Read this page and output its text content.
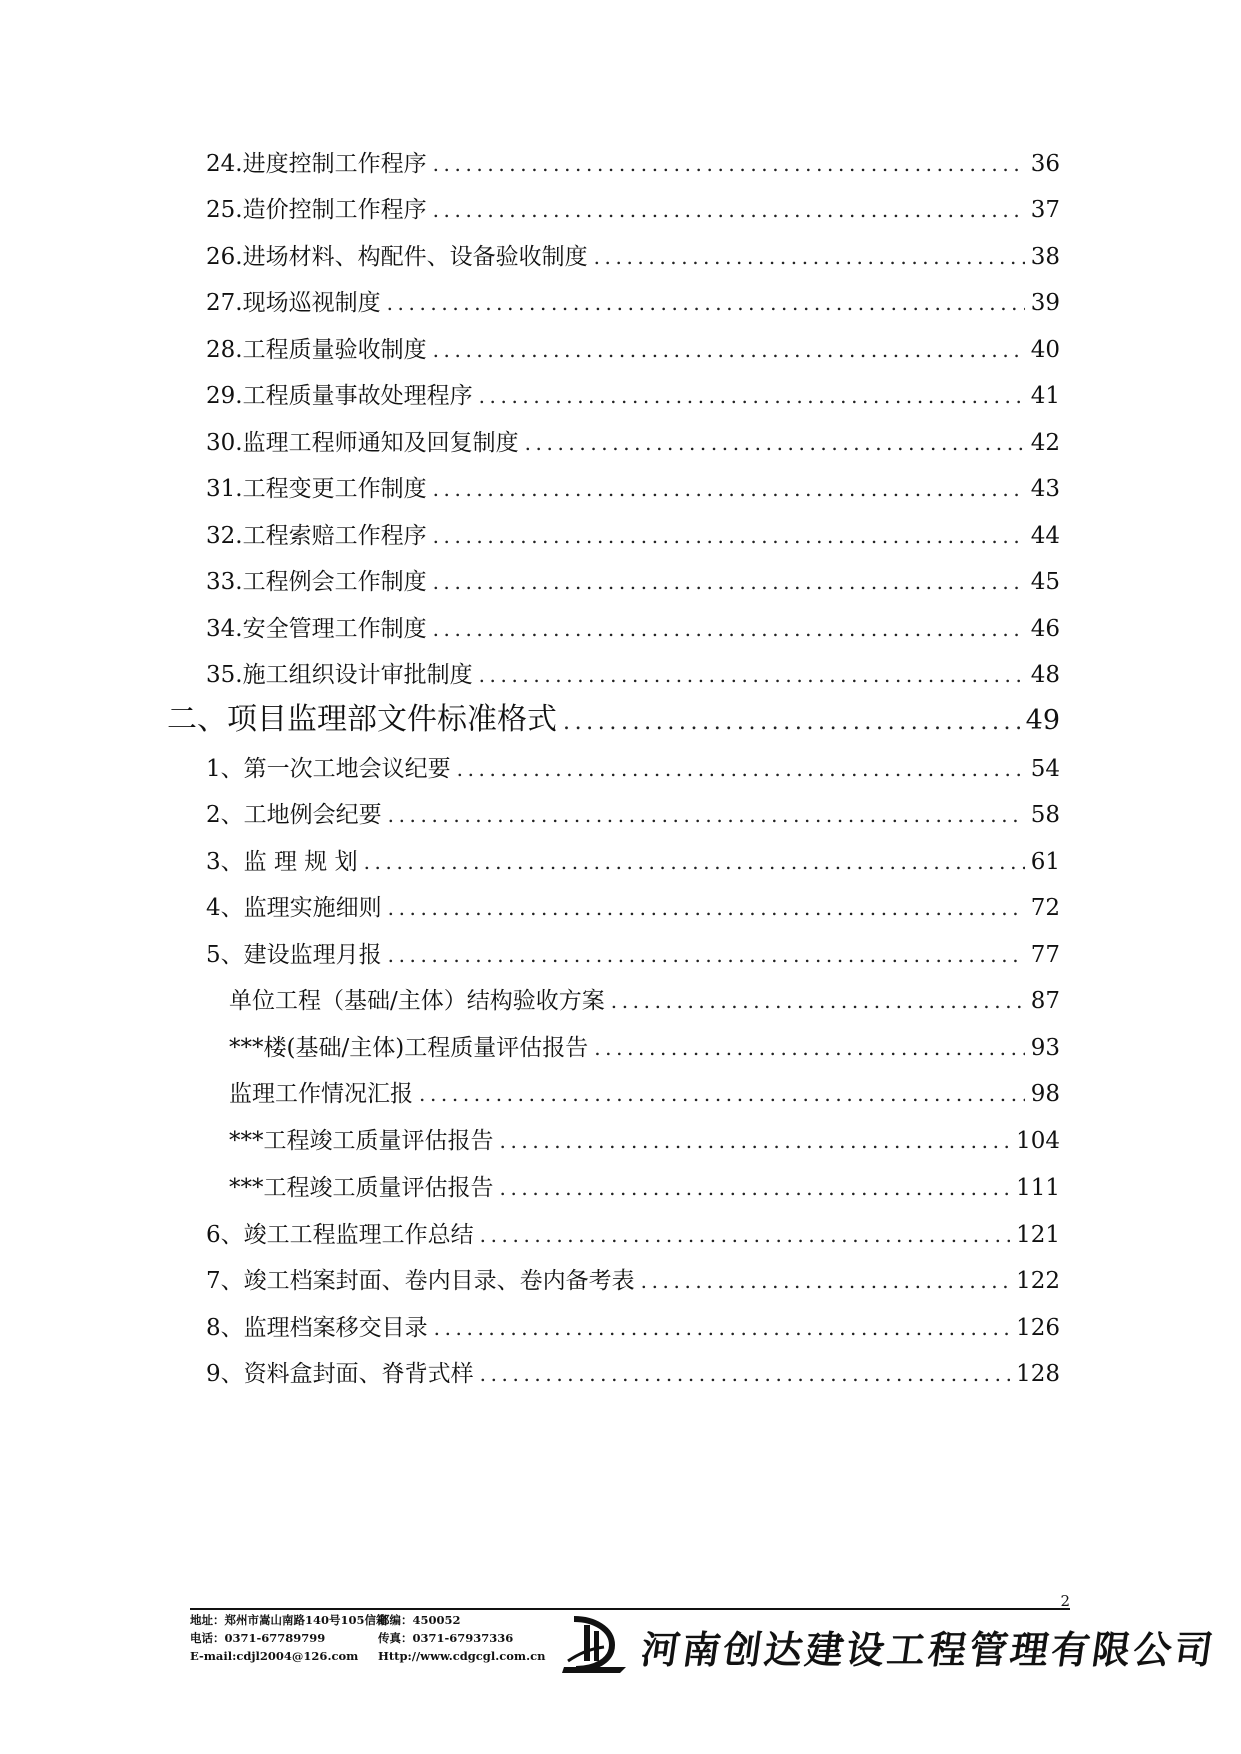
24.进度控制工作程序 .....	36
25.造价控制工作程序 .....	37
26.进场材料、构配件、设备验收制度 .....	38
27.现场巡视制度 .....	39
28.工程质量验收制度 .....	40
29.工程质量事故处理程序 .....	41
30.监理工程师通知及回复制度 .....	42
31.工程变更工作制度 .....	43
32.工程索赔工作程序 .....	44
33.工程例会工作制度 .....	45
34.安全管理工作制度 .....	46
35.施工组织设计审批制度 .....	48
二、项目监理部文件标准格式 .....	49
1、第一次工地会议纪要 .....	54
2、工地例会纪要 .....	58
3、监 理 规 划 .....	61
4、监理实施细则 .....	72
5、建设监理月报 .....	77
单位工程（基础/主体）结构验收方案 .....	87
***楼(基础/主体)工程质量评估报告 .....	93
监理工作情况汇报 .....	98
***工程竣工质量评估报告 .....	104
***工程竣工质量评估报告 .....	111
6、竣工工程监理工作总结 .....	121
7、竣工档案封面、卷内目录、卷内备考表 .....	122
8、监理档案移交目录 .....	126
9、资料盒封面、脊背式样 .....	128
2
地址：郑州市嵩山南路140号105信箱
邮编：450052
电话：0371-67789799	传真：0371-67937336
E-mail:cdjl2004@126.com Http://www.cdgcgl.com.cn 河南创达建设工程管理有限公司
